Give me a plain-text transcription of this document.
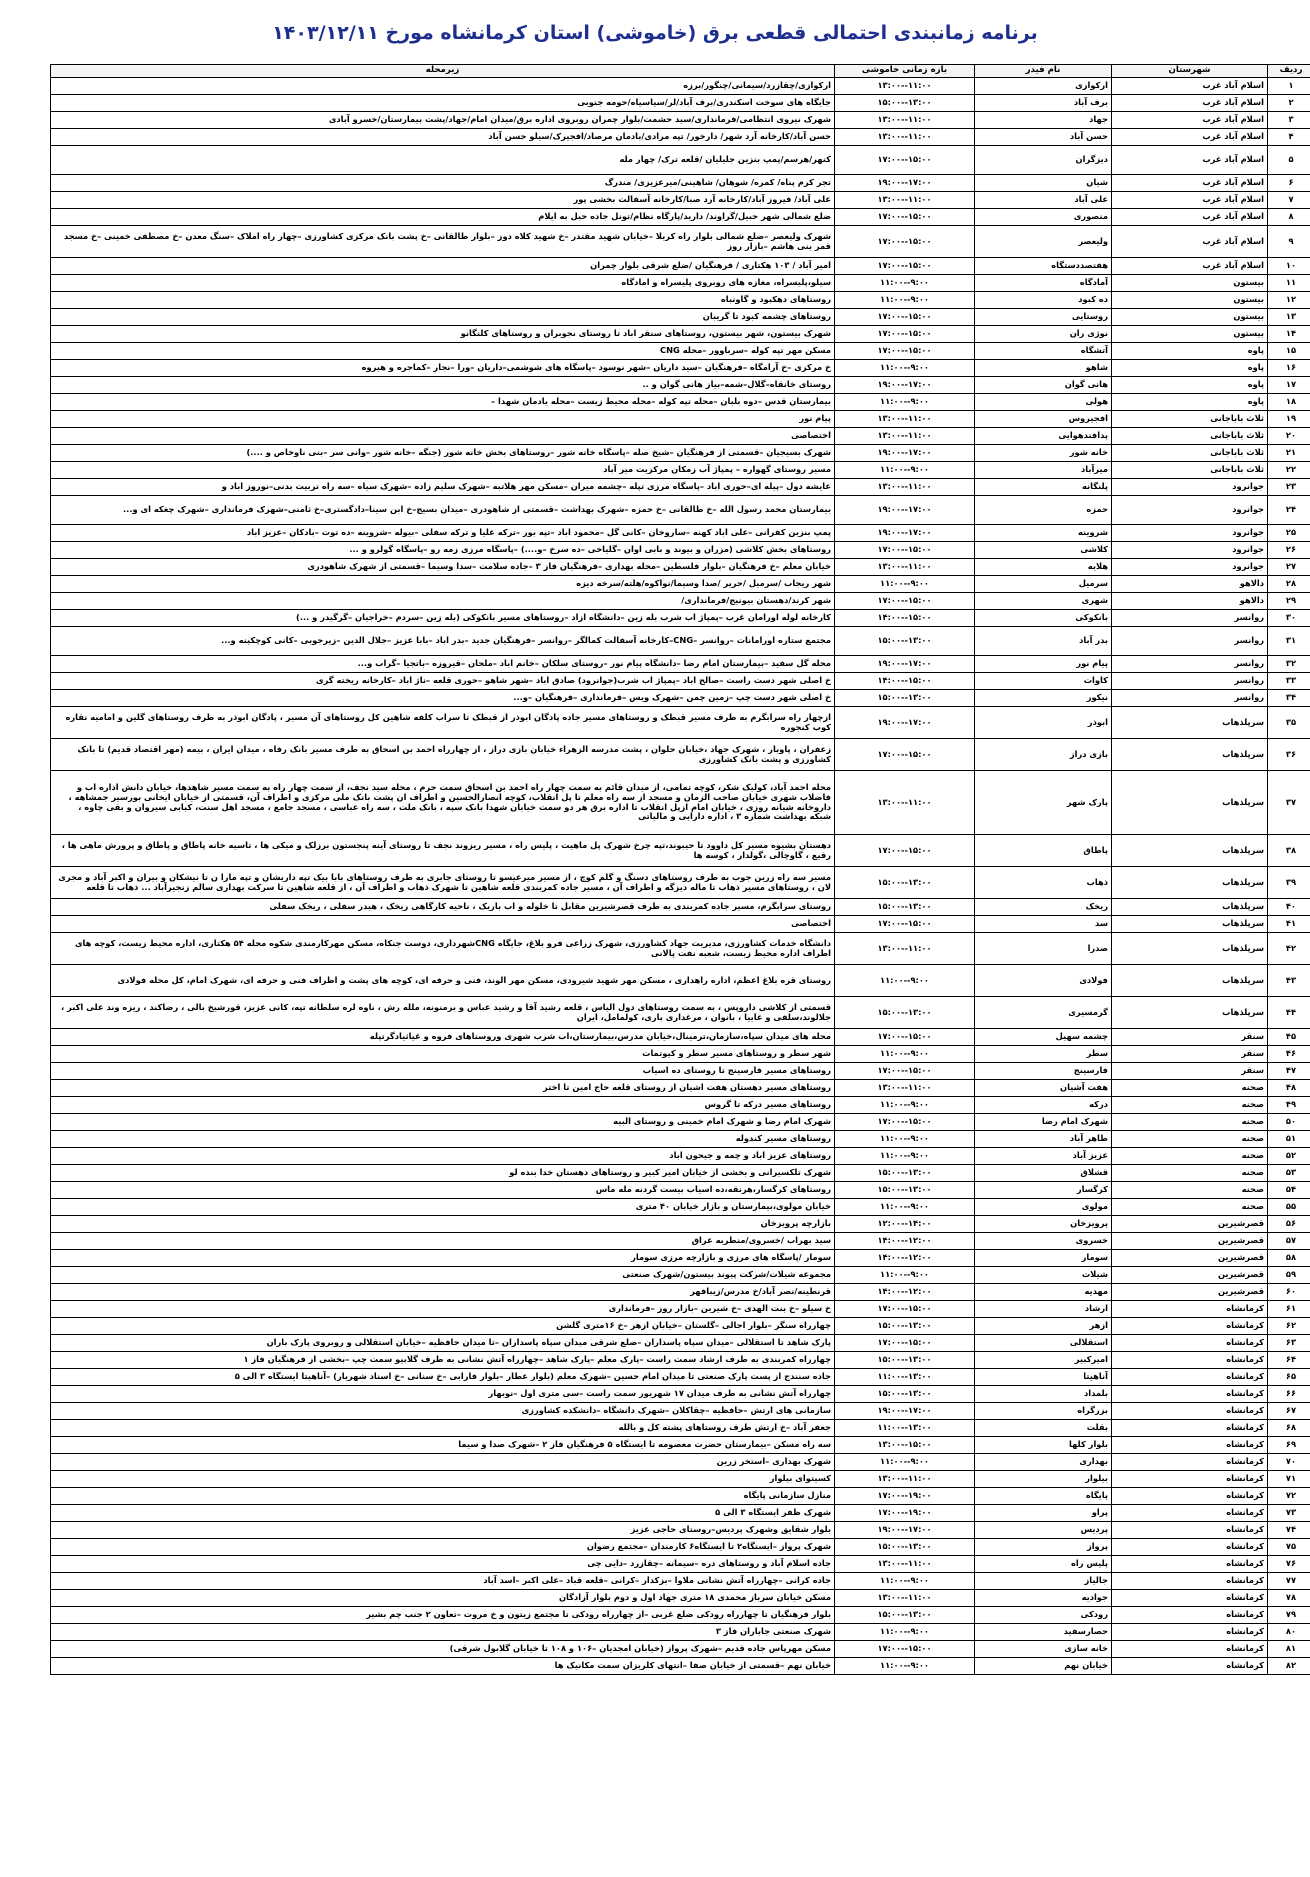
برنامه زمانبندی احتمالی قطعی برق (خاموشی) استان کرمانشاه مورخ ۱۴۰۳/۱۲/۱۱
ردیف	شهرستان	نام فیدر	بازه زمانی خاموشی	زیرمحله
۱	اسلام آباد غرب	ارکوازی	۱۱:۰۰--۱۳:۰۰	ارکوازی/چقازرد/سیمانی/چنگور/برزه
۲	اسلام آباد غرب	برف آباد	۱۳:۰۰--۱۵:۰۰	جایگاه های سوخت اسکندری/برف آباد/لر/سیاسیاه/حومه جنوبی
۳	اسلام آباد غرب	جهاد	۱۱:۰۰--۱۳:۰۰	شهرک نیروی انتظامی/فرمانداری/سید حشمت/بلوار چمران روبروی اداره برق/میدان امام/جهاد/پشت بیمارستان/خسرو آبادی
۴	اسلام آباد غرب	حسن آباد	۱۱:۰۰--۱۳:۰۰	حسن آباد/کارخانه آرد شهر/ دارخور/ تپه مرادی/بادمان مرصاد/افجیرک/سیلو حسن آباد
۵	اسلام آباد غرب	دیزگران	۱۵:۰۰--۱۷:۰۰	کنهر/هرسم/پمپ بنزین جلیلیان /قلعه ترک/ چهار مله
۶	اسلام آباد غرب	شیان	۱۷:۰۰--۱۹:۰۰	تجر کرم پناه/ کمره/ شوهان/ شاهینی/میرعزیزی/ مندرگ
۷	اسلام آباد غرب	علی آباد	۱۱:۰۰--۱۳:۰۰	علی آباد/ فیروز آباد/کارخانه آرد صبا/کارخانه آسفالت بخشی پور
۸	اسلام آباد غرب	منصوری	۱۵:۰۰--۱۷:۰۰	ضلع شمالی شهر حبیل/گراوند/ دارید/پارگاه نظام/تونل جاده حبل به ایلام
۹	اسلام آباد غرب	ولیعصر	۱۵:۰۰--۱۷:۰۰	شهرک ولیعصر –ضلع شمالی بلوار راه کربلا –خیابان شهید مقتدر –خ شهید کلاه دوز –بلوار طالقانی –خ پشت بانک مرکزی کشاورزی –چهار راه املاک –سنگ معدن –خ مصطفی خمینی –خ مسجد قمر بنی هاشم –بازار روز
۱۰	اسلام آباد غرب	هفتصددستگاه	۱۵:۰۰--۱۷:۰۰	امیر آباد / ۱۰۳ هکتاری / فرهنگیان /ضلع شرقی بلوار چمران
۱۱	بیستون	آمادگاه	۹:۰۰--۱۱:۰۰	سیلو،پلیسراه، مغازه های روبروی پلیسراه و امادگاه
۱۲	بیستون	ده کبود	۹:۰۰--۱۱:۰۰	روستاهای دهکبود و گاونباه
۱۳	بیستون	روستایی	۱۵:۰۰--۱۷:۰۰	روستاهای چشمه کبود تا گریبان
۱۴	بیستون	نوژی ران	۱۵:۰۰--۱۷:۰۰	شهرک بیستون، شهر بیستون، روستاهای سنقر اباد تا روستای نجوبران و روستاهای کلنگانو
۱۵	پاوه	آتشگاه	۱۵:۰۰--۱۷:۰۰	مسکن مهر تپه کوله –سرباوور –محله CNG
۱۶	پاوه	شاهو	۹:۰۰--۱۱:۰۰	خ مرکزی –خ آرامگاه –فرهنگیان –سید داریان –شهر نوسود –پاسگاه های شوشمی–داریان –ورا –نجار –کماجره و هیروه
۱۷	پاوه	هانی گوان	۱۷:۰۰--۱۹:۰۰	روستای خانقاه–گلال–شمه–بیاز هانی گوان و ..
۱۸	پاوه	هولی	۹:۰۰--۱۱:۰۰	بیمارستان قدس –دوه بلبان –محله تپه کوله –محله محیط زیست –محله یادمان شهدا –
۱۹	ثلاث باباجانی	افجیروس	۱۱:۰۰--۱۳:۰۰	پیام نور
۲۰	ثلاث باباجانی	پدافندهوایی	۱۱:۰۰--۱۳:۰۰	اختصاصی
۲۱	ثلاث باباجانی	خانه شور	۱۷:۰۰--۱۹:۰۰	شهرک بسیجیان –قسمتی از فرهنگیان –شیخ صله –پاسگاه خانه شور –روستاهای بخش خانه شور (جنگه –خانه شور –وانی سر –بنی ناوخاص و ....)
۲۲	ثلاث باباجانی	میرآباد	۹:۰۰--۱۱:۰۰	مسیر روستای گهواره – پمپاژ آب زمکان مرکزیت میر آباد
۲۳	جوانرود	پلنگانه	۱۱:۰۰--۱۳:۰۰	عایشه دول –پیله ای–حوری اباد –پاسگاه مرزی تپله –چشمه میران –مسکن مهر هلاتبه –شهرک سلیم زاده –شهرک سیاه –سه راه تربیت بدنی–نوروز اباد و
۲۴	جوانرود	حمزه	۱۷:۰۰--۱۹:۰۰	بیمارستان محمد رسول الله –خ طالقانی –خ حمزه –شهرک بهداشت –قسمتی از شاهودری –میدان بسیج–خ ابن سینا–دادگستری–خ ثامنی–شهرک فرمانداری –شهرک چغکه ای و...
۲۵	جوانرود	شروینه	۱۷:۰۰--۱۹:۰۰	پمپ بنزین کفرانی –علی اباد کهنه –ساروخان –کانی گل –محمود اباد –تپه بور –ترکه علیا و ترکه سفلی –بیوله –شروینه –ده توت –بادکان –عزیز اباد
۲۶	جوانرود	کلاشی	۱۵:۰۰--۱۷:۰۰	روستاهای بخش کلاشی (مزران و بیوند و بابی اوان –گلیاخی –ده سرخ –و....) –پاسگاه مرزی زمه رو –پاسگاه گولرو و ...
۲۷	جوانرود	هلایه	۱۱:۰۰--۱۳:۰۰	خیابان معلم –خ فرهنگیان –بلوار فلسطین –محله بهداری –فرهنگیان فاز ۳ –جاده سلامت –سدا وسیما –قسمتی از شهرک شاهودری
۲۸	دالاهو	سرمیل	۹:۰۰--۱۱:۰۰	شهر ریجاب /سرمیل /حریر /صدا وسیما/نواکوه/هلته/سرخه دیزه
۲۹	دالاهو	شهری	۱۵:۰۰--۱۷:۰۰	شهر کرند/دهستان بیونیج/فرمانداری/
۳۰	روانسر	بانکوکی	۱۵:۰۰--۱۴:۰۰	کارخانه لوله اورامان غرب –پمپاژ اب شرب بله زین –دانشگاه ازاد –روستاهای مسیر بانکوکی (بله زین –سردم –خراجیان –گرگیدر و ...)
۳۱	روانسر	بدر آباد	۱۳:۰۰--۱۵:۰۰	مجتمع ستاره اورامانات –روانسر –CNG–کارخانه آسفالت کمالگر –روانسر –فرهنگیان جدید –بدر اباد –بابا عزیز –جلال الدین –زیرجوبی –کانی کوچکینه و...
۳۲	روانسر	پیام نور	۱۷:۰۰--۱۹:۰۰	محله گل سفید –بیمارستان امام رضا –دانشگاه پیام نور –روستای سلکان –خانم اباد –ملحان –قیروزه –باتجیا –گراب و...
۳۳	روانسر	کاوات	۱۵:۰۰--۱۴:۰۰	خ اصلی شهر دست راست –صالح اباد –پمپاژ اب شرب(جوانرود) صادق اباد –شهر شاهو –حوری قلعه –ناژ اباد –کارخانه ریخته گری
۳۴	روانسر	نیکور	۱۳:۰۰--۱۵:۰۰	خ اصلی شهر دست چپ –زمین چمن –شهرک ویس –فرمانداری –فرهنگیان –و...
۳۵	سرپلذهاب	ابوذر	۱۷:۰۰--۱۹:۰۰	ازچهار راه سرابگرم به طرف مسیر قبطک و روستاهای مسیر جاده پادگان ابوذر از قبطک تا سراب کلفه شاهین کل روستاهای آن مسیر ، پادگان ابوذر به طرف روستاهای گلین و امامیه نقاره کوب کنجوره
۳۶	سرپلذهاب	بازی دراز	۱۵:۰۰--۱۷:۰۰	زعفران ، پاوبار ، شهرک جهاد ،خیابان حلوان ، پشت مدرسه الزهراء خیابان بازی دراز ، از چهارراه احمد بن اسحاق به طرف مسیر بانک رفاه ، میدان ایران ، بیمه (مهر اقتصاد قدیم) تا بانک کشاورزی و پشت بانک کشاورزی
۳۷	سرپلذهاب	پارک شهر	۱۱:۰۰--۱۳:۰۰	محله احمد آباد، کولیک شکر، کوچه تمامی، از میدان قائم به سمت چهار راه احمد بن اسحاق سمت حرم ، محله سید نجف، از سمت چهار راه به سمت مسیر شاهدها، خیابان دانش اداره اب و فاضلاب شهری خیابان صاحب الزمان و مسجد از سه راه معلم تا پل انقلاب، کوچه انصارالحسین و اطراف ان پشت بانک ملی مرکزی و اطراف آن، قسمتی از خیابان ایخانی بورسیر جمشاهه ، داروخانه شیانه روزی ، خیابان امام ازپل انقلاب تا اداره برق هر دو سمت خیابان شهدا بانک سپه ، بانک ملت ، سه راه عباسی ، مسجد جامع ، مسجد اهل سنت، کبابی سیروان و بقی چاوه ، شبکه بهداشت شماره ۳ ، اداره دارایی و مالیاتی
۳۸	سرپلذهاب	پاطاق	۱۵:۰۰--۱۷:۰۰	دهستان بشیوه مسیر کل داوود تا حیبوند،تپه چرخ شهرک پل ماهیت ، پلیس راه ، مسیر ریزوند نجف تا روستای آینه پنجستون برزلک و میکی ها ، تاسیه خانه پاطاق و پاطاق و پرورش ماهی ها ، رقیع ، گاوچالی ،گولدار ، کوسه ها
۳۹	سرپلذهاب	ذهاب	۱۳:۰۰--۱۵:۰۰	مسیر سه راه زرین جوب به طرف روستاهای دسنگ و گلم کوچ ، از مسیر میرعیسو تا روستای جابری به طرف روستاهای بابا بیک تپه داریشان و تپه مارا ن تا نیشکان و بیران و اکبر آباد و مجری لان ، روستاهای مسیر ذهاب تا ماله دیزگه و اطراف آن ، مسیر جاده کمربندی قلعه شاهین تا شهرک ذهاب و اطراف آن ، از قلعه شاهین تا سرکت بهداری سالم زنجیرآباد ... ذهاب تا قلعه
۴۰	سرپلذهاب	ریخک	۱۳:۰۰--۱۵:۰۰	روستای سرابگرم، مسیر جاده کمربندی به طرف قصرشیرین مقابل تا خلوله و اب باریک ، ناحیه کارگاهی ریخک ، هیدر سفلی ، ریخک سفلی
۴۱	سرپلذهاب	سد	۱۵:۰۰--۱۷:۰۰	اختصاصی
۴۲	سرپلذهاب	صدرا	۱۱:۰۰--۱۳:۰۰	دانشگاه خدمات کشاورزی، مدیریت جهاد کشاورزی، شهرک زراعی فرو بلاغ، جایگاه CNGشهرداری، دوست جنکاه، مسکن مهرکارمندی شکوه محله ۵۴ هکتاری، اداره محیط زیست، کوچه های اطراف اداره محیط زیست، شعبه نفت پالانی
۴۳	سرپلذهاب	فولادی	۹:۰۰--۱۱:۰۰	روستای قره بلاغ اعظم، اداره راهداری ، مسکن مهر شهید شیرودی، مسکن مهر الوند، فنی و حرفه ای، کوچه های پشت و اطراف فنی و حرفه ای، شهرک امام، کل محله فولادی
۴۴	سرپلذهاب	گرمسیری	۱۳:۰۰--۱۵:۰۰	قسمتی از کلاشی داروپس ، به سمت روستاهای دول الیاس ، قلعه رشید آقا و رشید عباس و برمنونه، ملله رش ، ناوه لره سلطانه تپه، کانی عزیز، قورشیخ بالی ، رضاکند ، ریزه وند علی اکبر ، جلالوند،سلفی و عاییا ، بانوان ، مرغداری باری، کولمامل، ایران
۴۵	سنقر	چشمه سهیل	۱۵:۰۰--۱۷:۰۰	محله های میدان سپاه،سازمان،ترمینال،خیابان مدرس،بیمارستان،اب شرب شهری وروستاهای فروه و غیاثیادگرتپله
۴۶	سنقر	سطر	۹:۰۰--۱۱:۰۰	شهر سطر و روستاهای مسیر سطر و کیوتمات
۴۷	سنقر	فارسینج	۱۵:۰۰--۱۷:۰۰	روستاهای مسیر فارسینج تا روستای ده اسیاب
۴۸	صحنه	هفت آشیان	۱۱:۰۰--۱۳:۰۰	روستاهای مسیر دهستان هفت اشیان از روستای قلعه حاج امین تا اختر
۴۹	صحنه	درکه	۹:۰۰--۱۱:۰۰	روستاهای مسیر درکه تا گروس
۵۰	صحنه	شهرک امام رضا	۱۵:۰۰--۱۷:۰۰	شهرک امام رضا و شهرک امام خمینی و روستای البیه
۵۱	صحنه	طاهر آباد	۹:۰۰--۱۱:۰۰	روستاهای مسیر کندوله
۵۲	صحنه	عزیز آباد	۹:۰۰--۱۱:۰۰	روستاهای عزیز اباد و چمه و جیحون اباد
۵۳	صحنه	قشلاق	۱۳:۰۰--۱۵:۰۰	شهرک تلکسیرانی و بخشی از خیابان امیر کبیر و روستاهای دهستان خدا بنده لو
۵۴	صحنه	کرگسار	۱۳:۰۰--۱۵:۰۰	روستاهای کرگسار،هرنقه،ده اسیاب بیست گردنه مله ماس
۵۵	صحنه	مولوی	۹:۰۰--۱۱:۰۰	خیابان مولوی،بیمارستان و بازار خیابان ۴۰ متری
۵۶	قصرشیرین	پرویزخان	۱۴:۰۰--۱۲:۰۰	بازارچه پرویزخان
۵۷	قصرشیرین	خسروی	۱۲:۰۰--۱۴:۰۰	سید بهراب /خسروی/منطربه عراق
۵۸	قصرشیرین	سومار	۱۲:۰۰--۱۴:۰۰	سومار /پاسگاه های مرزی و بازارچه مرزی سومار
۵۹	قصرشیرین	شیلات	۹:۰۰--۱۱:۰۰	مجموعه شیلات/شرکت پیوند بیستون/شهرک صنعتی
۶۰	قصرشیرین	مهدیه	۱۲:۰۰--۱۴:۰۰	قرنطینه/نصر آباد/خ مدرس/زیبافهر
۶۱	کرمانشاه	ارشاد	۱۵:۰۰--۱۷:۰۰	خ سیلو –خ بنت الهدی –خ شیرین –بازار روز –فرمانداری
۶۲	کرمانشاه	ازهر	۱۳:۰۰--۱۵:۰۰	چهارراه سنگر –بلوار اجالی –گلستان –خیابان ازهر –خ ۱۶متری گلشن
۶۳	کرمانشاه	استقلالی	۱۵:۰۰--۱۷:۰۰	پارک شاهد تا استقلالی –میدان سپاه پاسداران –ضلع شرقی میدان سپاه پاسداران –تا میدان حافظیه –خیابان استقلالی و روبروی پارک باران
۶۴	کرمانشاه	امیرکبیر	۱۳:۰۰--۱۵:۰۰	چهارراه کمربندی به طرف ارشاد سمت راست –پارک معلم –پارک شاهد –چهارراه آتش نشانی به طرف گلابیو سمت چپ –بخشی از فرهنگیان فاز ۱
۶۵	کرمانشاه	آناهیتا	۱۳:۰۰--۱۱:۰۰	جاده سنندج از پست پارک صنعتی تا میدان امام حسین –شهرک معلم (بلوار عطار –بلوار فارابی –خ سنانی –خ اسناد شهریار) –آناهیتا ایستگاه ۳ الی ۵
۶۶	کرمانشاه	بلمداد	۱۳:۰۰--۱۵:۰۰	چهارراه آتش نشانی به طرف میدان ۱۷ شهریور سمت راست –سی متری اول –نوبهار
۶۷	کرمانشاه	بزرگراه	۱۷:۰۰--۱۹:۰۰	سازمانی های ارتش –حافظیه –چقاکلان –شهرک دانشگاه –دانشکده کشاورزی
۶۸	کرمانشاه	بقلت	۱۳:۰۰--۱۱:۰۰	جعفر آباد –خ ارتش طرف روستاهای پشته کل و بالله
۶۹	کرمانشاه	بلوار کلها	۱۵:۰۰--۱۳:۰۰	سه راه مسکن –بیمارستان حضرت معصومه تا ایستگاه ۵ فرهنگیان فاز ۲ –شهرک صدا و سیما
۷۰	کرمانشاه	بهداری	۹:۰۰--۱۱:۰۰	شهرک بهداری –استخر زرین
۷۱	کرمانشاه	بیلوار	۱۱:۰۰--۱۳:۰۰	کسیتوای بیلوار
۷۲	کرمانشاه	پایگاه	۱۹:۰۰--۱۷:۰۰	منازل سازمانی پایگاه
۷۳	کرمانشاه	پراو	۱۹:۰۰--۱۷:۰۰	شهرک ظفر ایستگاه ۳ الی ۵
۷۴	کرمانشاه	پردیس	۱۷:۰۰--۱۹:۰۰	بلوار شقایق وشهرک پردیس–روستای حاجی عزیز
۷۵	کرمانشاه	پرواز	۱۳:۰۰--۱۵:۰۰	شهرک پرواز –ایستگاه۲ تا ایستگاه۶ کارمندان –مجتمع رضوان
۷۶	کرمانشاه	پلیس راه	۱۱:۰۰--۱۳:۰۰	جاده اسلام آباد و روستاهای دره –سیمانه –چقازرد –دایی چی
۷۷	کرمانشاه	جالیاز	۹:۰۰--۱۱:۰۰	جاده کرانی –چهارراه آتش نشانی ملاوا –بزکدار –کرانی –قلعه قباد –علی اکبر –اسد آباد
۷۸	کرمانشاه	جوادیه	۱۱:۰۰--۱۳:۰۰	مسکن خیابان سرباز محمدی ۱۸ متری جهاد اول و دوم بلوار آزادگان
۷۹	کرمانشاه	رودکی	۱۳:۰۰--۱۵:۰۰	بلوار فرهنگیان تا چهارراه رودکی ضلع غربی –از چهارراه رودکی تا مجتمع زیتون و خ مروت –تعاون ۲ جنب چم بشیر
۸۰	کرمانشاه	حصارسفید	۹:۰۰--۱۱:۰۰	شهرک صنعتی جاباران فاز ۳
۸۱	کرمانشاه	خانه سازی	۱۵:۰۰--۱۷:۰۰	مسکن مهرپاس جاده قدیم –شهرک پرواز (خیابان امجدیان –۱۰۶ و ۱۰۸ تا خیابان گلابول شرقی)
۸۲	کرمانشاه	خیابان نهم	۹:۰۰--۱۱:۰۰	خیابان نهم –قسمتی از خیابان صفا –انتهای کلریزان سمت مکانیک ها
